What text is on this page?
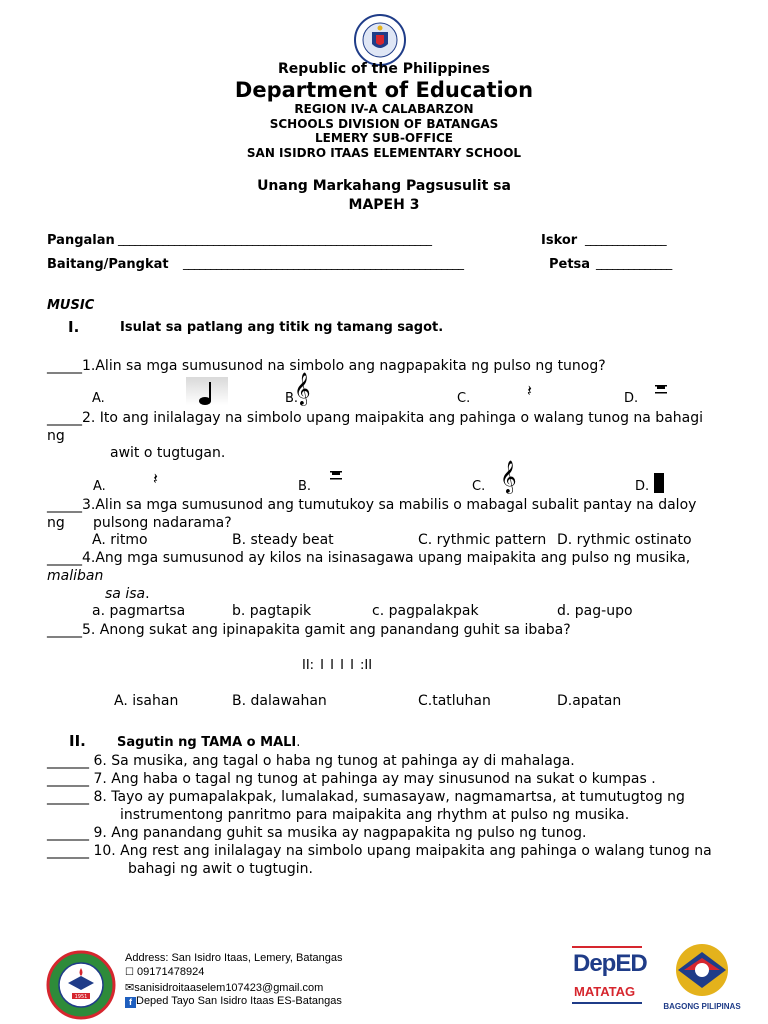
Republic of the Philippines
Department of Education
REGION IV-A CALABARZON
SCHOOLS DIVISION OF BATANGAS
LEMERY SUB-OFFICE
SAN ISIDRO ITAAS ELEMENTARY SCHOOL
Unang Markahang Pagsusulit sa
MAPEH 3
Pangalan ________________________________________________________	Iskor _______________
Baitang/Pangkat ___________________________________________________	Petsa ______________
MUSIC
I.	Isulat sa patlang ang titik ng tamang sagot.
_____1.Alin sa mga sumusunod na simbolo ang nagpapakita ng pulso ng tunog?
A.	B.
𝄞	C.	𝄽	D.
_____2. Ito ang inilalagay na simbolo upang maipakita ang pahinga o walang tunog na bahagi
ng
awit o tugtugan.
A.	𝄽	B.	C. 𝄞	D.
_____3.Alin sa mga sumusunod ang tumutukoy sa mabilis o mabagal subalit pantay na daloy
ng pulsong nadarama?
A. ritmo	B. steady beat	C. rythmic pattern D. rythmic ostinato
_____4.Ang mga sumusunod ay kilos na isinasagawa upang maipakita ang pulso ng musika,
maliban
sa isa.
a. pagmartsa	b. pagtapik	c. pagpalakpak	d. pag-upo
_____5. Anong sukat ang ipinapakita gamit ang panandang guhit sa ibaba?
II: I I I I :II
A. isahan	B. dalawahan	C.tatluhan	D.apatan
II. Sagutin ng TAMA o MALI.
______ 6. Sa musika, ang tagal o haba ng tunog at pahinga ay di mahalaga.
______ 7. Ang haba o tagal ng tunog at pahinga ay may sinusunod na sukat o kumpas .
______ 8. Tayo ay pumapalakpak, lumalakad, sumasayaw, nagmamartsa, at tumutugtog ng
instrumentong panritmo para maipakita ang rhythm at pulso ng musika.
______ 9. Ang panandang guhit sa musika ay nagpapakita ng pulso ng tunog.
______ 10. Ang rest ang inilalagay na simbolo upang maipakita ang pahinga o walang tunog na
bahagi ng awit o tugtugin.
1951
Address: San Isidro Itaas, Lemery, Batangas
☐ 09171478924
✉sanisidroitaaselem107423@gmail.com
f Deped Tayo San Isidro Itaas ES-Batangas
DepED
MATATAG
BAGONG PILIPINAS
